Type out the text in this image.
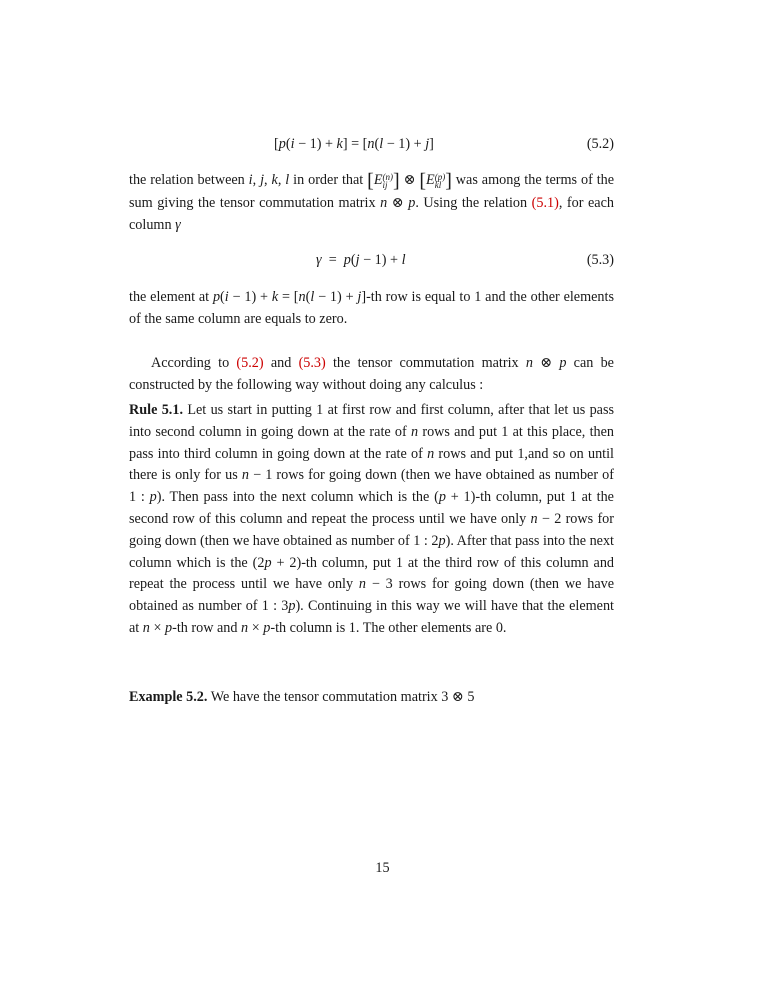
[p(i − 1) + k] = [n(l − 1) + j]	(5.2)

the relation between i, j, k, l in order that [E (n)
ij ] ⊗ [E (p)
kl ] was among the terms of the sum giving the tensor commutation matrix n ⊗ p. Using the relation (5.1), for each column γ

γ  =  p(j − 1) + l	(5.3)

the element at p(i − 1) + k = [n(l − 1) + j]-th row is equal to 1 and the other elements of the same column are equals to zero.

According to (5.2) and (5.3) the tensor commutation matrix n ⊗ p can be constructed by the following way without doing any calculus :

Rule 5.1. Let us start in putting 1 at first row and first column, after that let us pass into second column in going down at the rate of n rows and put 1 at this place, then pass into third column in going down at the rate of n rows and put 1,and so on until there is only for us n − 1 rows for going down (then we have obtained as number of 1 : p). Then pass into the next column which is the (p + 1)-th column, put 1 at the second row of this column and repeat the process until we have only n − 2 rows for going down (then we have obtained as number of 1 : 2p). After that pass into the next column which is the (2p + 2)-th column, put 1 at the third row of this column and repeat the process until we have only n − 3 rows for going down (then we have obtained as number of 1 : 3p). Continuing in this way we will have that the element at n × p-th row and n × p-th column is 1. The other elements are 0.

Example 5.2. We have the tensor commutation matrix 3 ⊗ 5

15
